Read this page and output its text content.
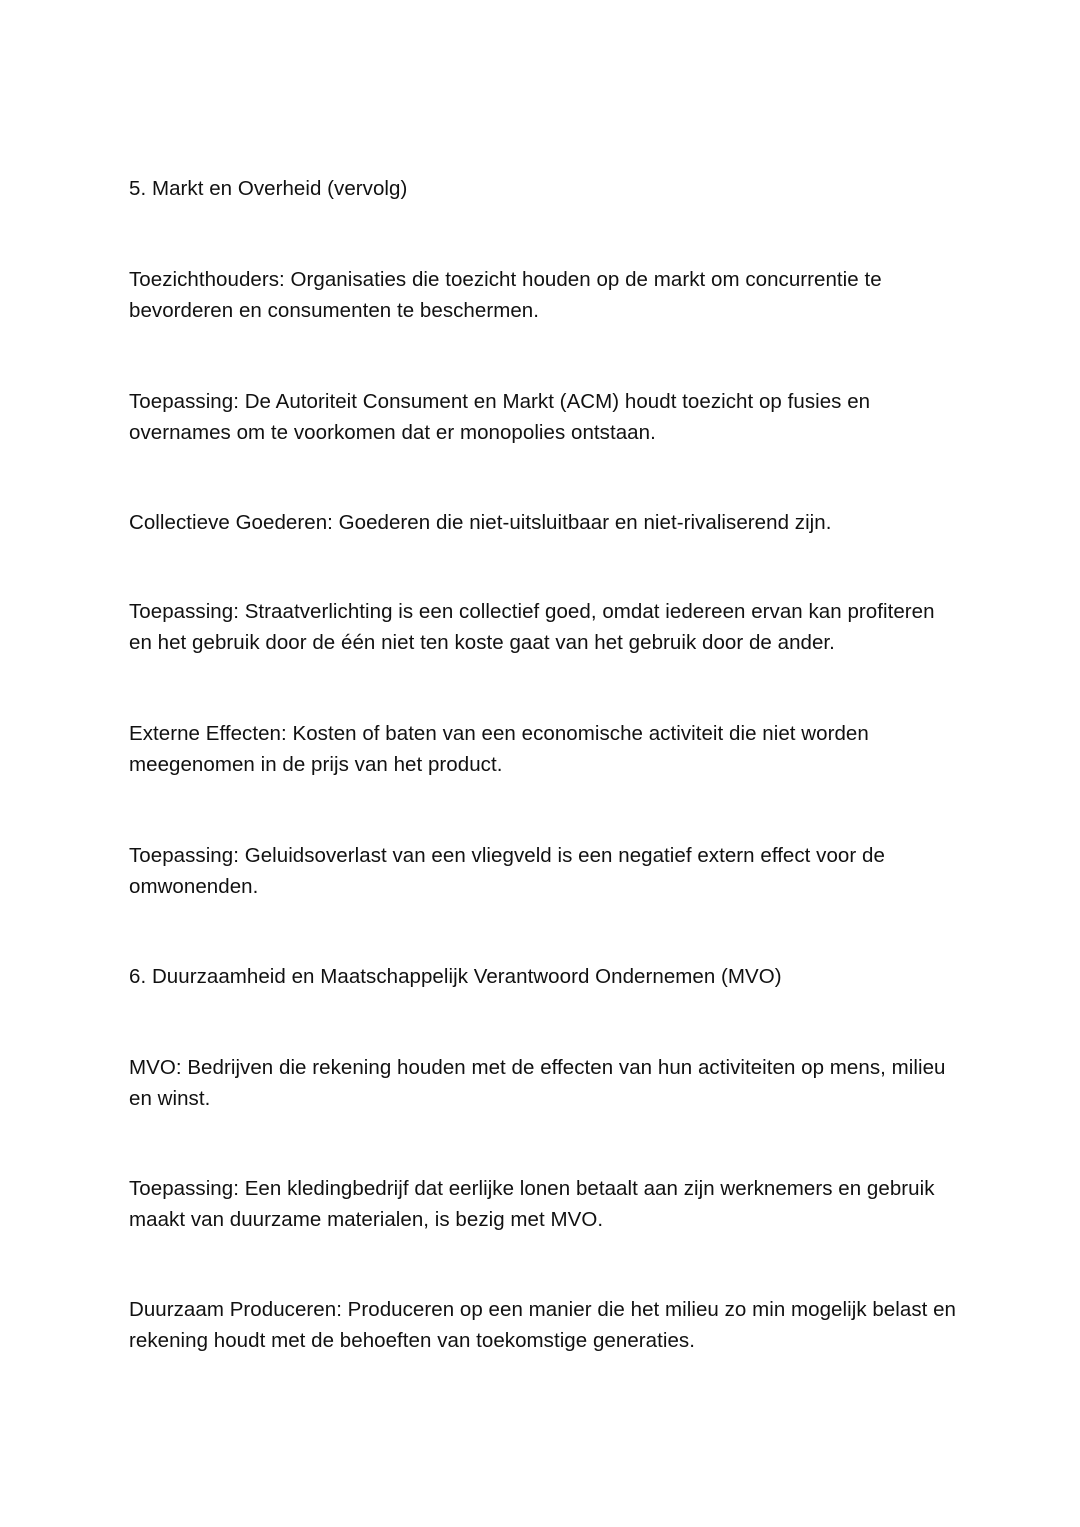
5. Markt en Overheid (vervolg)

Toezichthouders: Organisaties die toezicht houden op de markt om concurrentie te bevorderen en consumenten te beschermen.

Toepassing: De Autoriteit Consument en Markt (ACM) houdt toezicht op fusies en overnames om te voorkomen dat er monopolies ontstaan.

Collectieve Goederen: Goederen die niet-uitsluitbaar en niet-rivaliserend zijn.

Toepassing: Straatverlichting is een collectief goed, omdat iedereen ervan kan profiteren en het gebruik door de één niet ten koste gaat van het gebruik door de ander.

Externe Effecten: Kosten of baten van een economische activiteit die niet worden meegenomen in de prijs van het product.

Toepassing: Geluidsoverlast van een vliegveld is een negatief extern effect voor de omwonenden.

6. Duurzaamheid en Maatschappelijk Verantwoord Ondernemen (MVO)

MVO: Bedrijven die rekening houden met de effecten van hun activiteiten op mens, milieu en winst.

Toepassing: Een kledingbedrijf dat eerlijke lonen betaalt aan zijn werknemers en gebruik maakt van duurzame materialen, is bezig met MVO.

Duurzaam Produceren: Produceren op een manier die het milieu zo min mogelijk belast en rekening houdt met de behoeften van toekomstige generaties.
